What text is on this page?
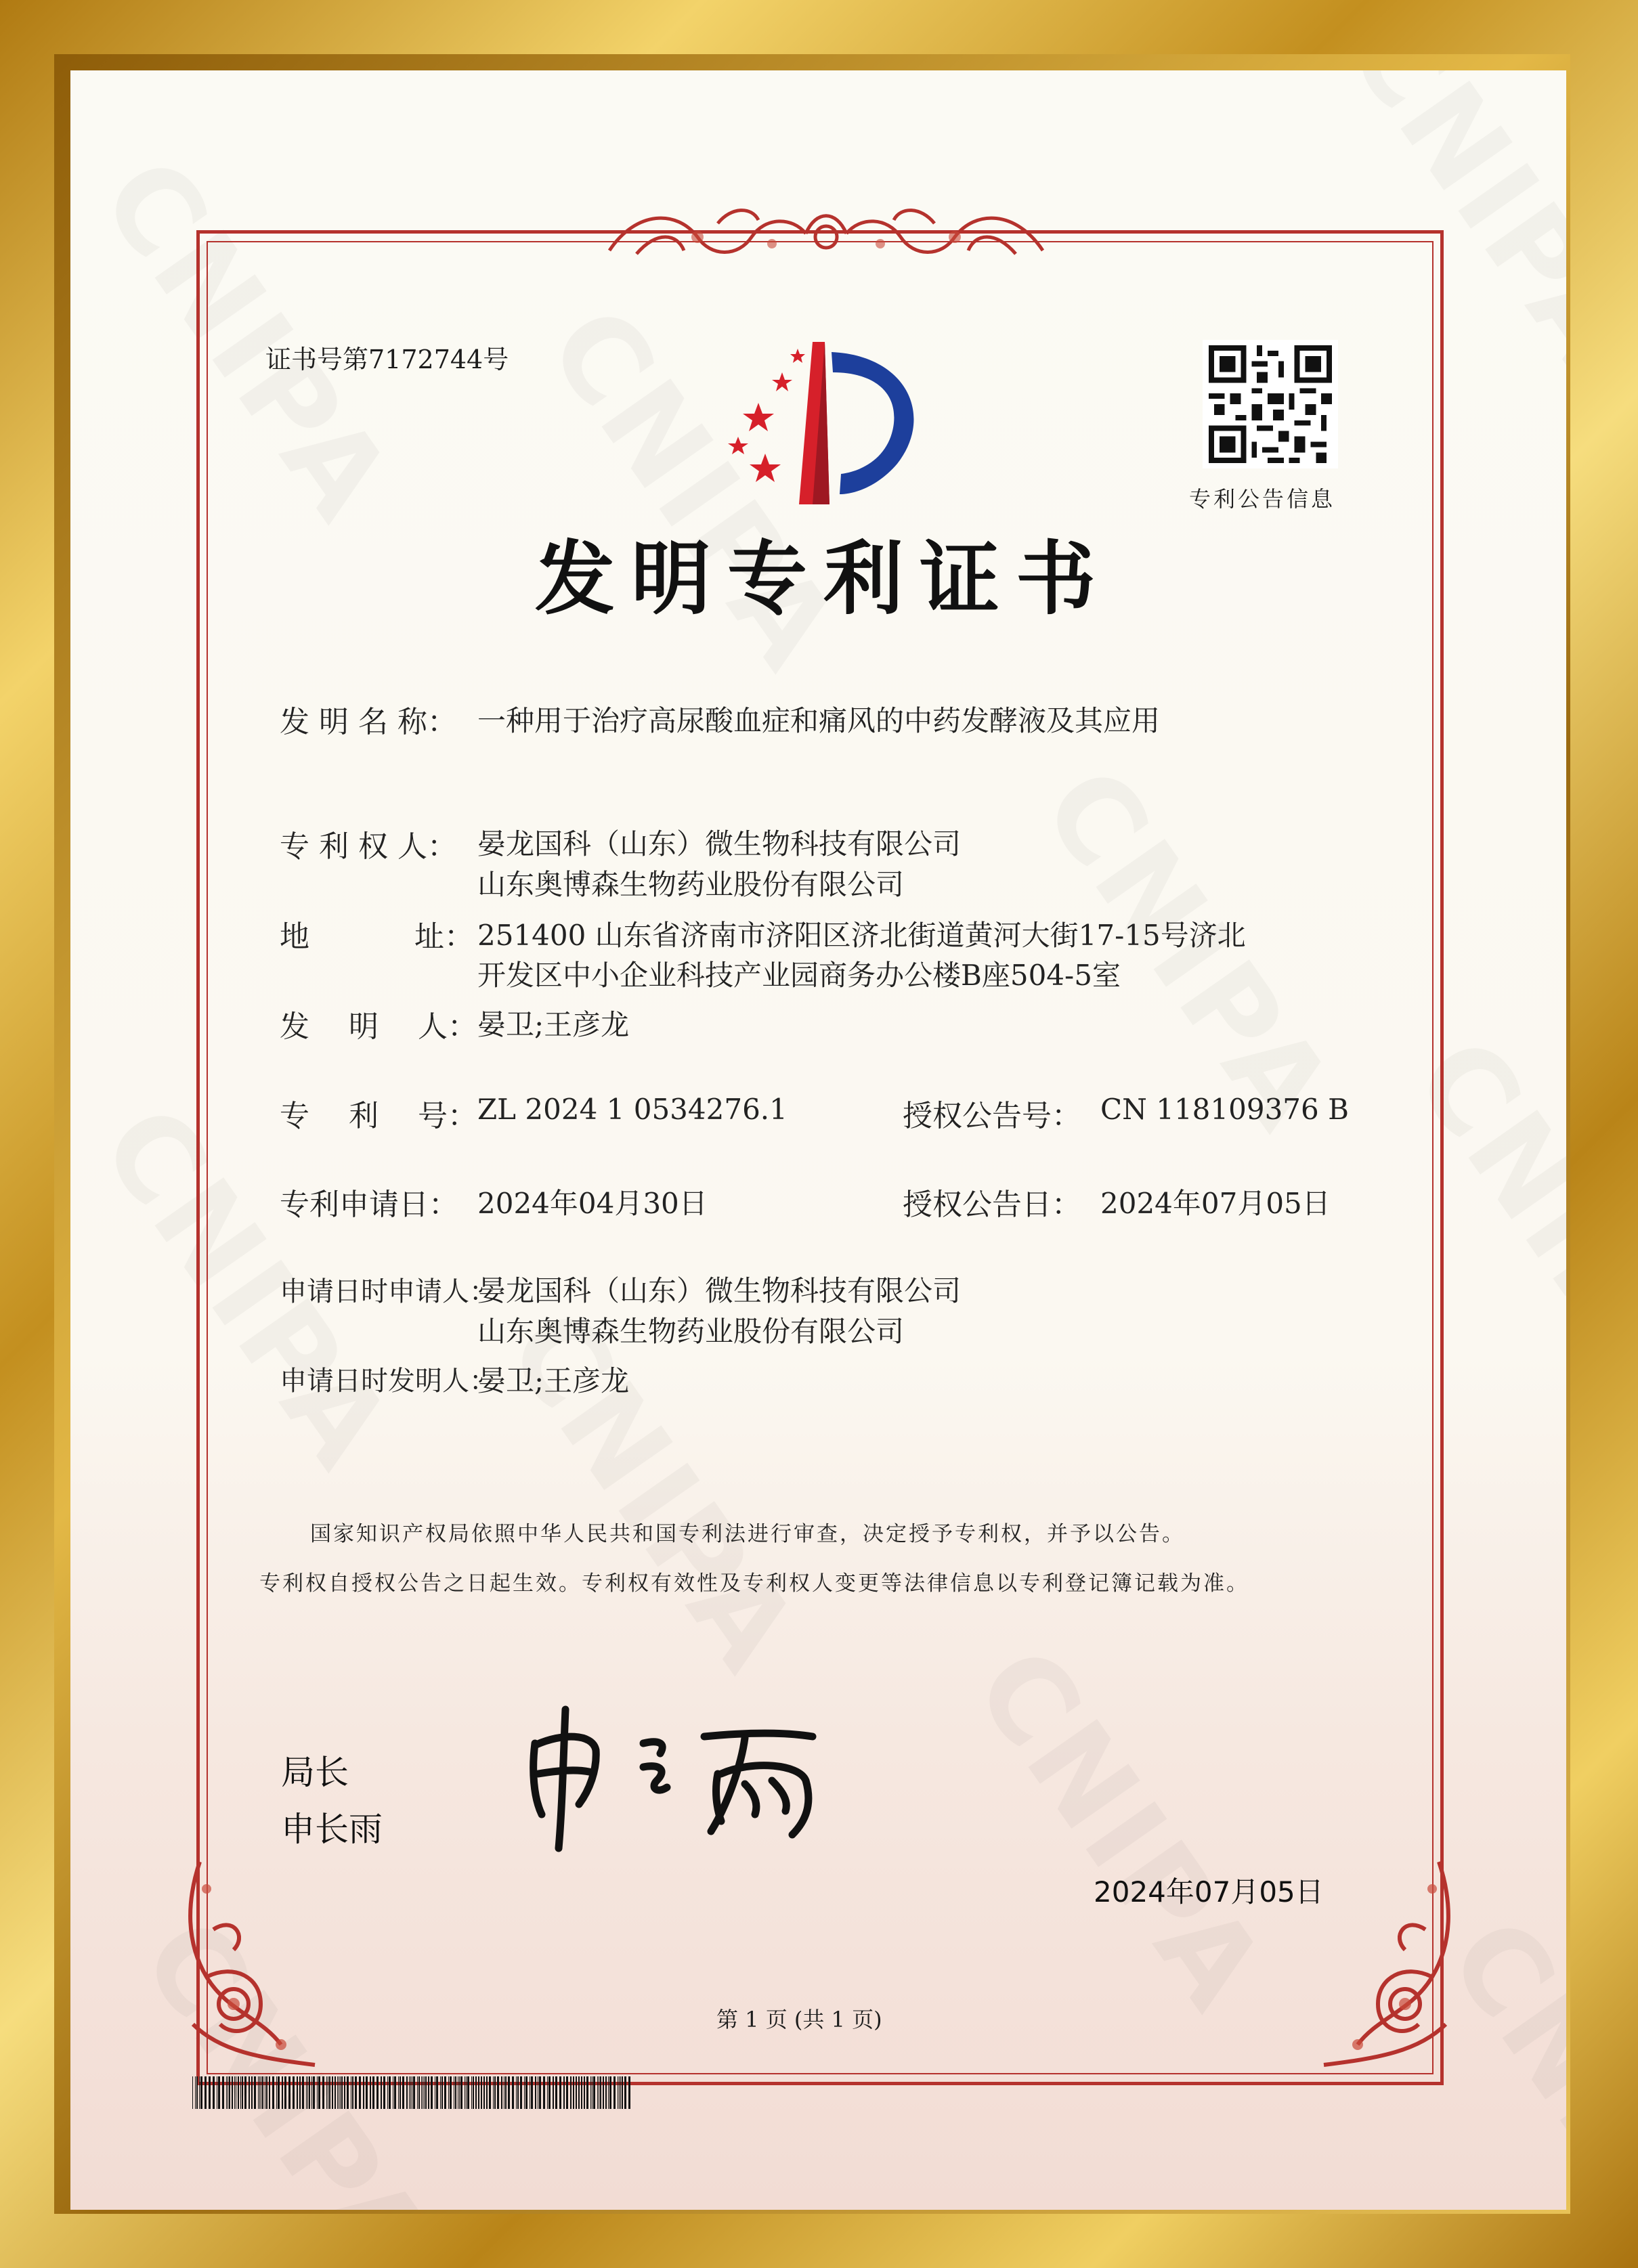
证书号第7172744号
专利公告信息
发明专利证书
发 明 名 称： 一种用于治疗高尿酸血症和痛风的中药发酵液及其应用
专 利 权 人： 晏龙国科（山东）微生物科技有限公司
山东奥博森生物药业股份有限公司
地	址： 251400 山东省济南市济阳区济北街道黄河大街17-15号济北
开发区中小企业科技产业园商务办公楼B座504-5室
发　 明　 人： 晏卫;王彦龙
专　 利　 号： ZL 2024 1 0534276.1	授权公告号： CN 118109376 B
专利申请日： 2024年04月30日	授权公告日： 2024年07月05日
申请日时申请人：
晏龙国科（山东）微生物科技有限公司
山东奥博森生物药业股份有限公司
申请日时发明人：
晏卫;王彦龙
国家知识产权局依照中华人民共和国专利法进行审查，决定授予专利权，并予以公告。
专利权自授权公告之日起生效。专利权有效性及专利权人变更等法律信息以专利登记簿记载为准。
局长
申长雨
2024年07月05日
第 1 页 (共 1 页)
